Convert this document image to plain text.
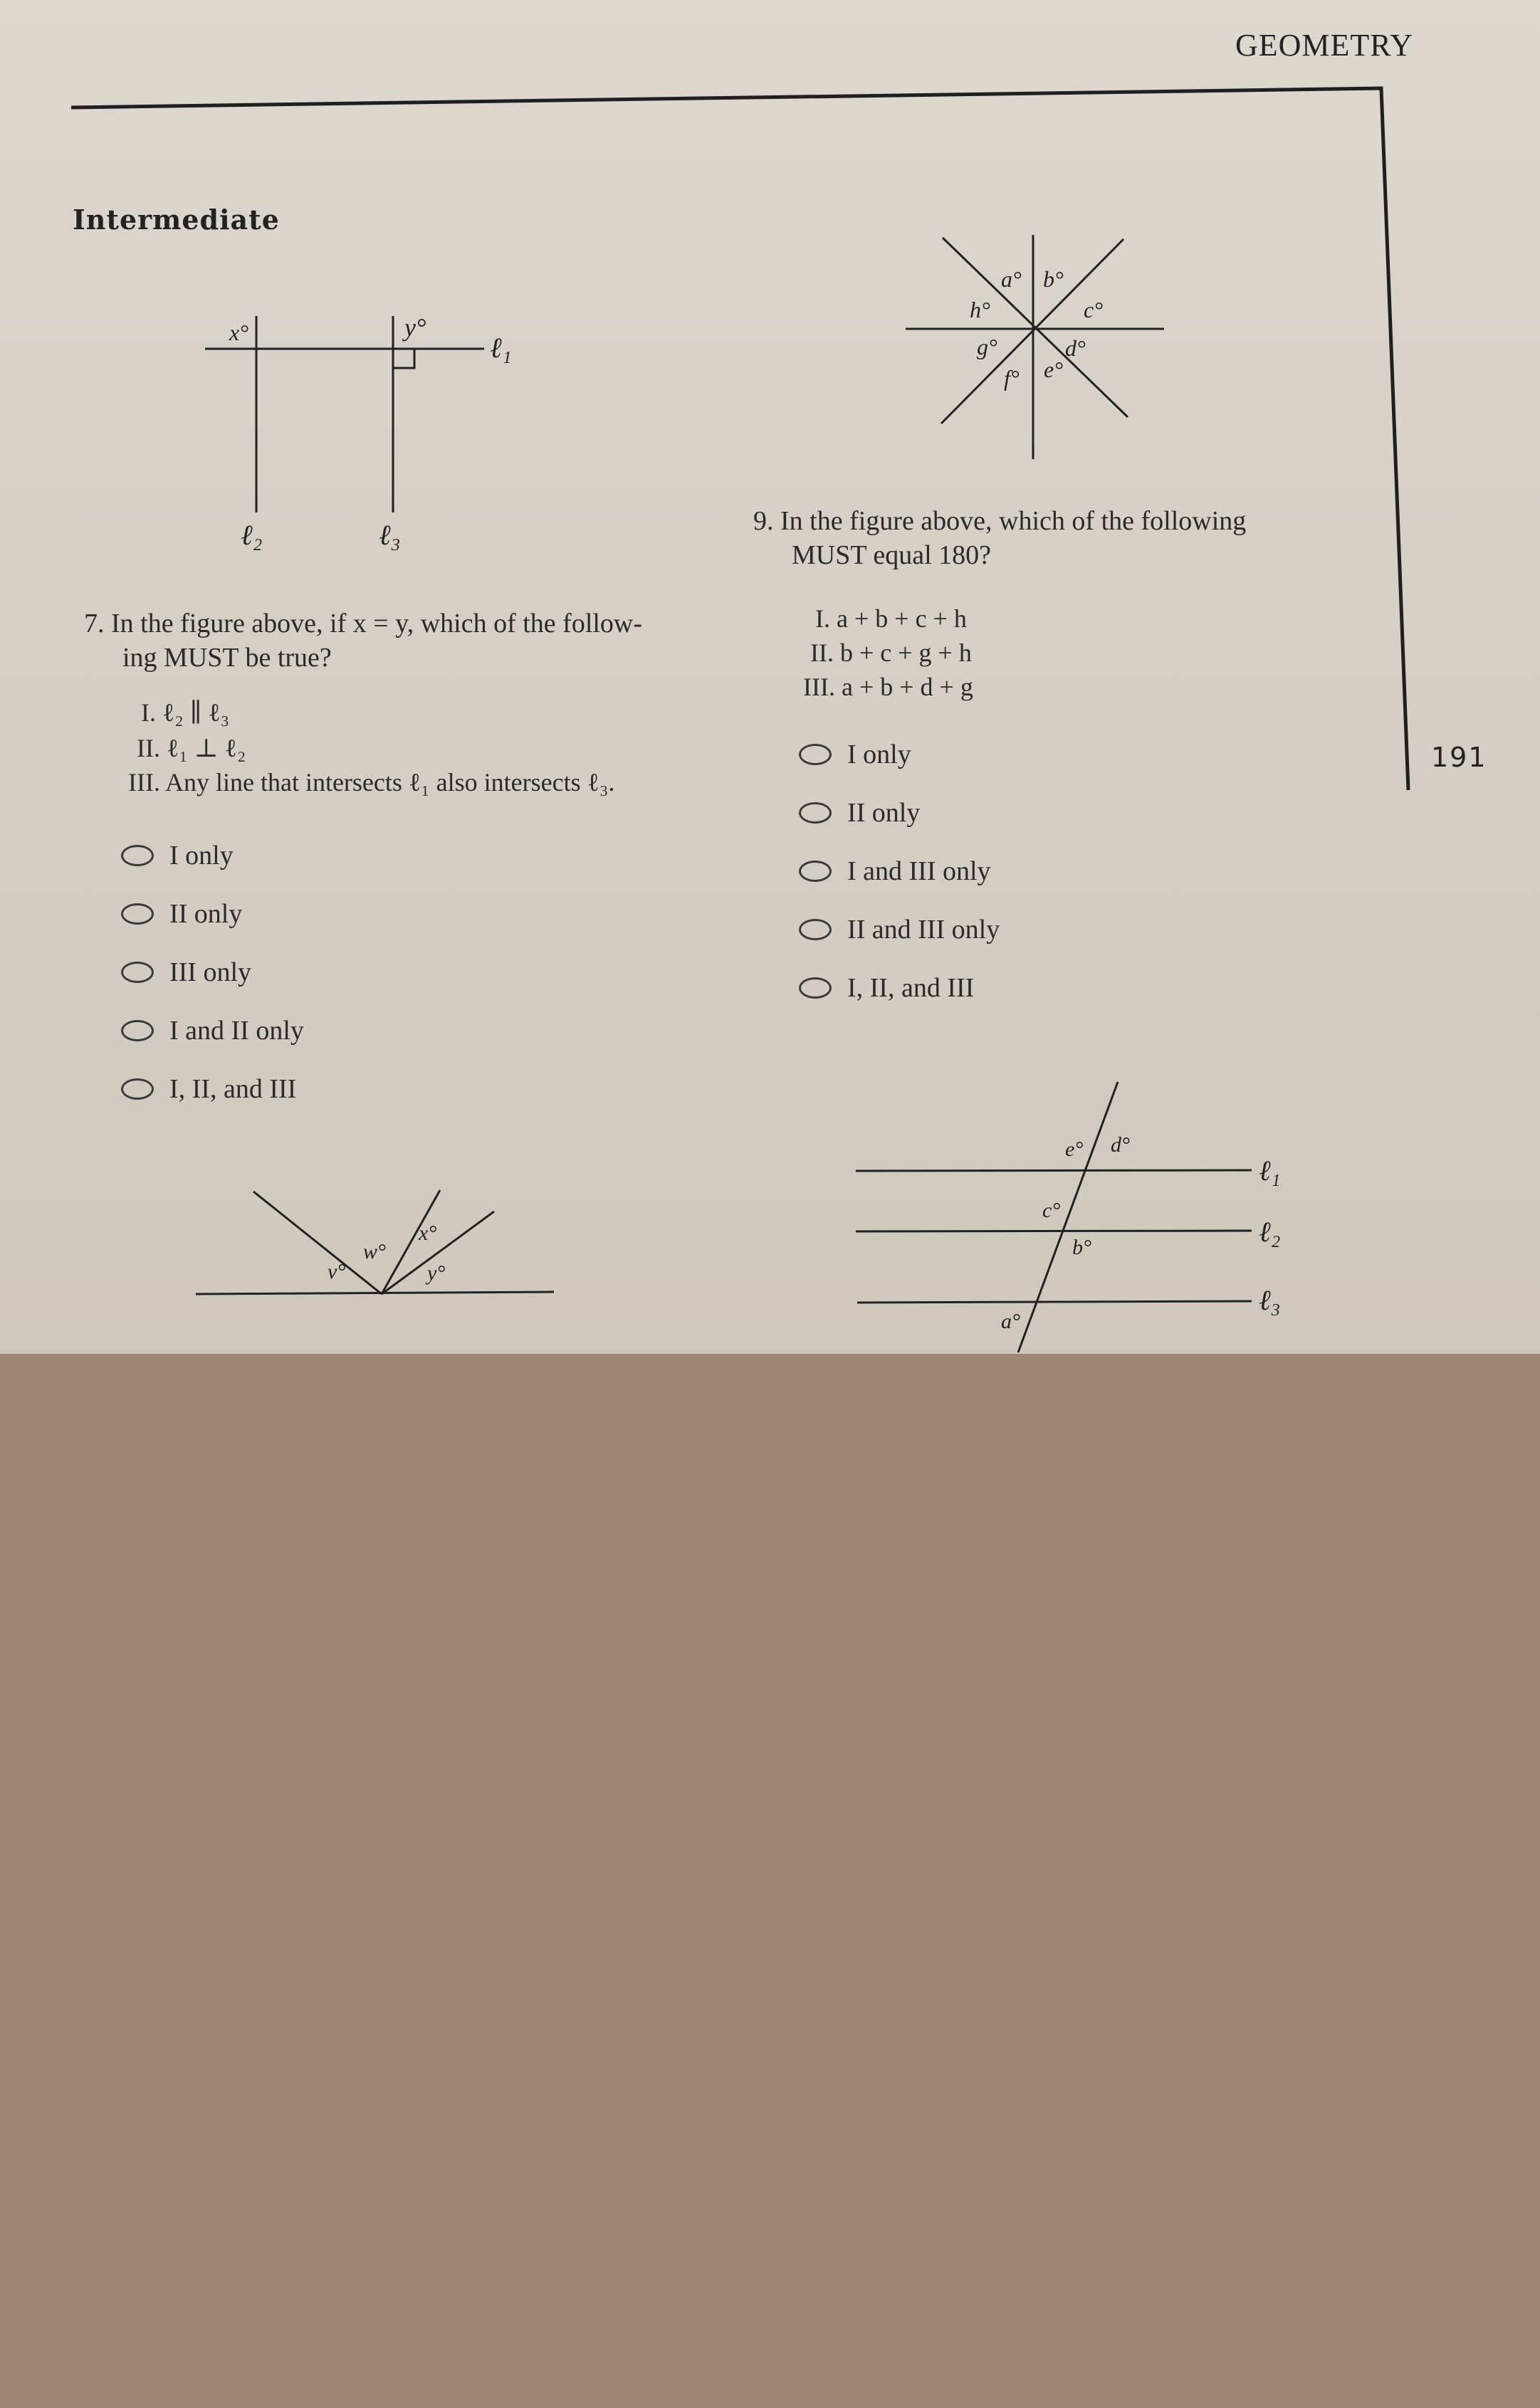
GEOMETRY
191
Intermediate
x°	y°
ℓ₁
ℓ₂	ℓ₃
7. In the figure above, if x = y, which of the follow-
ing MUST be true?
I. ℓ₂ ∥ ℓ₃
II. ℓ₁ ⊥ ℓ₂
III. Any line that intersects ℓ₁ also intersects ℓ₃.
I only
II only
III only
I and II only
I, II, and III
a° b°
c°
d°
e°
f°
g°
h°
9. In the figure above, which of the following
MUST equal 180?
I. a + b + c + h
II. b + c + g + h
III. a + b + d + g
I only
II only
I and III only
II and III only
I, II, and III
v°
w°
x°
y°
e° d°
c°
b°
a°
ℓ₁
ℓ₂
ℓ₃
